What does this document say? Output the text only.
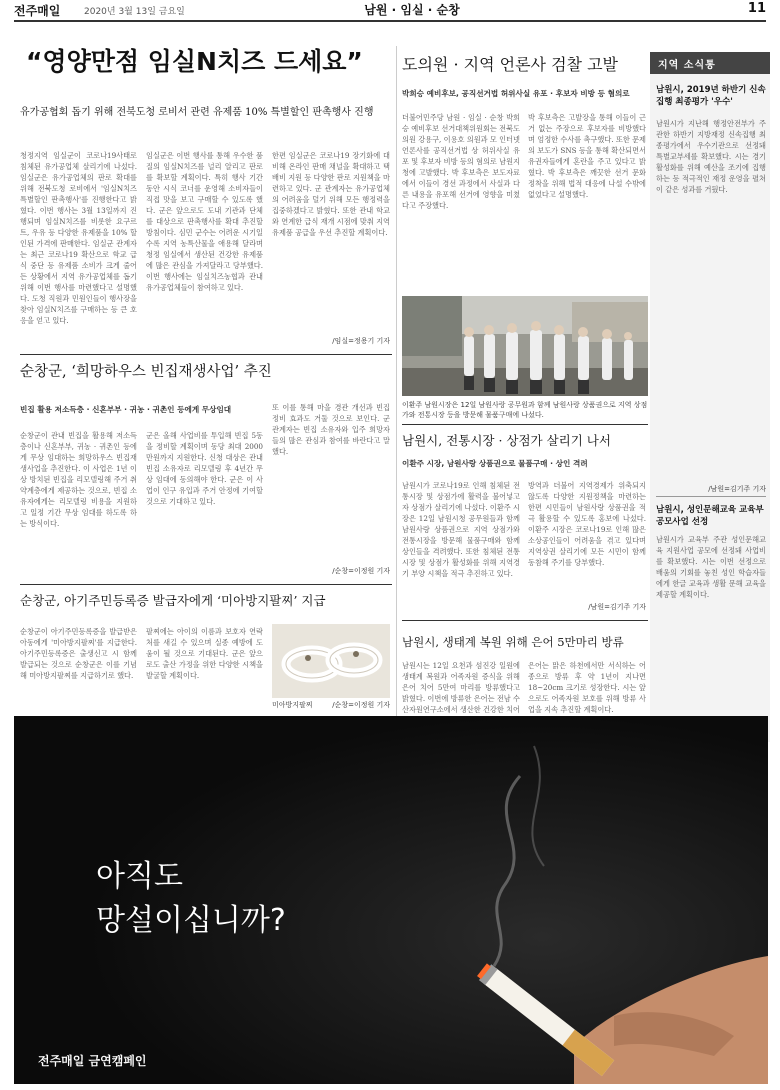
전주매일	2020년 3월 13일 금요일	남원 · 임실 · 순창	11
“영양만점 임실N치즈 드세요”
유가공협회 돕기 위해 전북도청 로비서 관련 유제품 10% 특별할인 판촉행사 진행
청정지역 임실군이 코로나19사태로 침체된 유가공업체 살리기에 나섰다. 임실군은 유가공업체의 판로 확대를 위해 전북도청 로비에서 '임실N치즈 특별할인 판촉행사'를 진행한다고 밝혔다. 이번 행사는 3월 13일까지 진행되며 임실N치즈를 비롯한 요구르트, 우유 등 다양한 유제품을 10% 할인된 가격에 판매한다. 임실군 관계자는 최근 코로나19 확산으로 학교 급식 중단 등 유제품 소비가 크게 줄어든 상황에서 지역 유가공업체를 돕기 위해 이번 행사를 마련했다고 설명했다. 도청 직원과 민원인들이 행사장을 찾아 임실N치즈를 구매하는 등 큰 호응을 얻고 있다.
임실군은 이번 행사를 통해 우수한 품질의 임실N치즈를 널리 알리고 판로를 확보할 계획이다. 특히 행사 기간 동안 시식 코너를 운영해 소비자들이 직접 맛을 보고 구매할 수 있도록 했다. 군은 앞으로도 도내 기관과 단체를 대상으로 판촉행사를 확대 추진할 방침이다. 심민 군수는 어려운 시기일수록 지역 농특산물을 애용해 달라며 청정 임실에서 생산된 건강한 유제품에 많은 관심을 가져달라고 당부했다. 이번 행사에는 임실치즈농협과 관내 유가공업체들이 참여하고 있다.
한편 임실군은 코로나19 장기화에 대비해 온라인 판매 채널을 확대하고 택배비 지원 등 다양한 판로 지원책을 마련하고 있다. 군 관계자는 유가공업체의 어려움을 덜기 위해 모든 행정력을 집중하겠다고 밝혔다. 또한 관내 학교와 연계한 급식 재개 시점에 맞춰 지역 유제품 공급을 우선 추진할 계획이다.
/임실=정용기 기자
도의원 · 지역 언론사 검찰 고발
박희승 예비후보, 공직선거법 허위사실 유포 · 후보자 비방 등 혐의로
더불어민주당 남원 · 임실 · 순창 박희승 예비후보 선거대책위원회는 전북도의원 강용구, 이용호 의원과 모 인터넷 언론사를 공직선거법 상 허위사실 유포 및 후보자 비방 등의 혐의로 남원지청에 고발했다. 박 후보측은 보도자료에서 이들이 경선 과정에서 사실과 다른 내용을 유포해 선거에 영향을 미쳤다고 주장했다.
박 후보측은 고발장을 통해 이들이 근거 없는 주장으로 후보자를 비방했다며 엄정한 수사를 촉구했다. 또한 문제의 보도가 SNS 등을 통해 확산되면서 유권자들에게 혼란을 주고 있다고 밝혔다. 박 후보측은 깨끗한 선거 문화 정착을 위해 법적 대응에 나설 수밖에 없었다고 설명했다.
이환주 남원시장은 12일 남원사랑 공무원과 함께 남원사랑 상품권으로 지역 상점가와 전통시장 등을 방문해 물품구매에 나섰다.
남원시, 전통시장 · 상점가 살리기 나서
이환주 시장, 남원사랑 상품권으로 물품구매 · 상인 격려
남원시가 코로나19로 인해 침체된 전통시장 및 상점가에 활력을 불어넣고자 상점가 살리기에 나섰다. 이환주 시장은 12일 남원시청 공무원들과 함께 남원사랑 상품권으로 지역 상점가와 전통시장을 방문해 물품구매와 함께 상인들을 격려했다. 또한 침체된 전통시장 및 상점가 활성화를 위해 지역경기 부양 시책을 적극 추진하고 있다.
방역과 더불어 지역경제가 위축되지 않도록 다양한 지원정책을 마련하는 한편 시민들이 남원사랑 상품권을 적극 활용할 수 있도록 홍보에 나섰다. 이환주 시장은 코로나19로 인해 많은 소상공인들이 어려움을 겪고 있다며 지역상권 살리기에 모든 시민이 함께 동참해 주기를 당부했다.
/남원=김기주 기자
남원시, 생태계 복원 위해 은어 5만마리 방류
남원시는 12일 요천과 섬진강 일원에 생태계 복원과 어족자원 증식을 위해 은어 치어 5만여 마리를 방류했다고 밝혔다. 이번에 방류한 은어는 전남 수산자원연구소에서 생산한 건강한 치어
은어는 맑은 하천에서만 서식하는 어종으로 방류 후 약 1년이 지나면 18~20cm 크기로 성장한다. 시는 앞으로도 어족자원 보호를 위해 방류 사업을 지속 추진할 계획이다.
순창군, ‘희망하우스 빈집재생사업’ 추진
빈집 활용 저소득층 · 신혼부부 · 귀농 · 귀촌인 등에게 무상임대
순창군이 관내 빈집을 활용해 저소득층이나 신혼부부, 귀농 · 귀촌인 등에게 무상 임대하는 희망하우스 빈집재생사업을 추진한다. 이 사업은 1년 이상 방치된 빈집을 리모델링해 주거 취약계층에게 제공하는 것으로, 빈집 소유자에게는 리모델링 비용을 지원하고 일정 기간 무상 임대를 하도록 하는 방식이다.
군은 올해 사업비를 투입해 빈집 5동을 정비할 계획이며 동당 최대 2000만원까지 지원한다. 신청 대상은 관내 빈집 소유자로 리모델링 후 4년간 무상 임대에 동의해야 한다. 군은 이 사업이 인구 유입과 주거 안정에 기여할 것으로 기대하고 있다.
또 이를 통해 마을 경관 개선과 빈집 정비 효과도 거둘 것으로 보인다. 군 관계자는 빈집 소유자와 입주 희망자들의 많은 관심과 참여를 바란다고 말했다.
/순창=이정원 기자
순창군, 아기주민등록증 발급자에게 ‘미아방지팔찌’ 지급
순창군이 아기주민등록증을 발급받은 아동에게 '미아방지팔찌'를 지급한다. 아기주민등록증은 출생신고 시 함께 발급되는 것으로 순창군은 이를 기념해 미아방지팔찌를 지급하기로 했다.
팔찌에는 아이의 이름과 보호자 연락처를 새길 수 있으며 실종 예방에 도움이 될 것으로 기대된다. 군은 앞으로도 출산 가정을 위한 다양한 시책을 발굴할 계획이다.
미아방지팔찌	/순창=이정원 기자
지역 소식통
남원시, 2019년 하반기 신속집행 최종평가 '우수'
남원시가 지난해 행정안전부가 주관한 하반기 지방재정 신속집행 최종평가에서 우수기관으로 선정돼 특별교부세를 확보했다. 시는 경기 활성화를 위해 예산을 조기에 집행하는 등 적극적인 재정 운영을 펼쳐 이 같은 성과를 거뒀다.
/남원=김기주 기자
남원시, 성인문해교육 교육부 공모사업 선정
남원시가 교육부 주관 성인문해교육 지원사업 공모에 선정돼 사업비를 확보했다. 시는 이번 선정으로 배움의 기회를 놓친 성인 학습자들에게 한글 교육과 생활 문해 교육을 제공할 계획이다.
아직도
망설이십니까?
전주매일 금연캠페인
